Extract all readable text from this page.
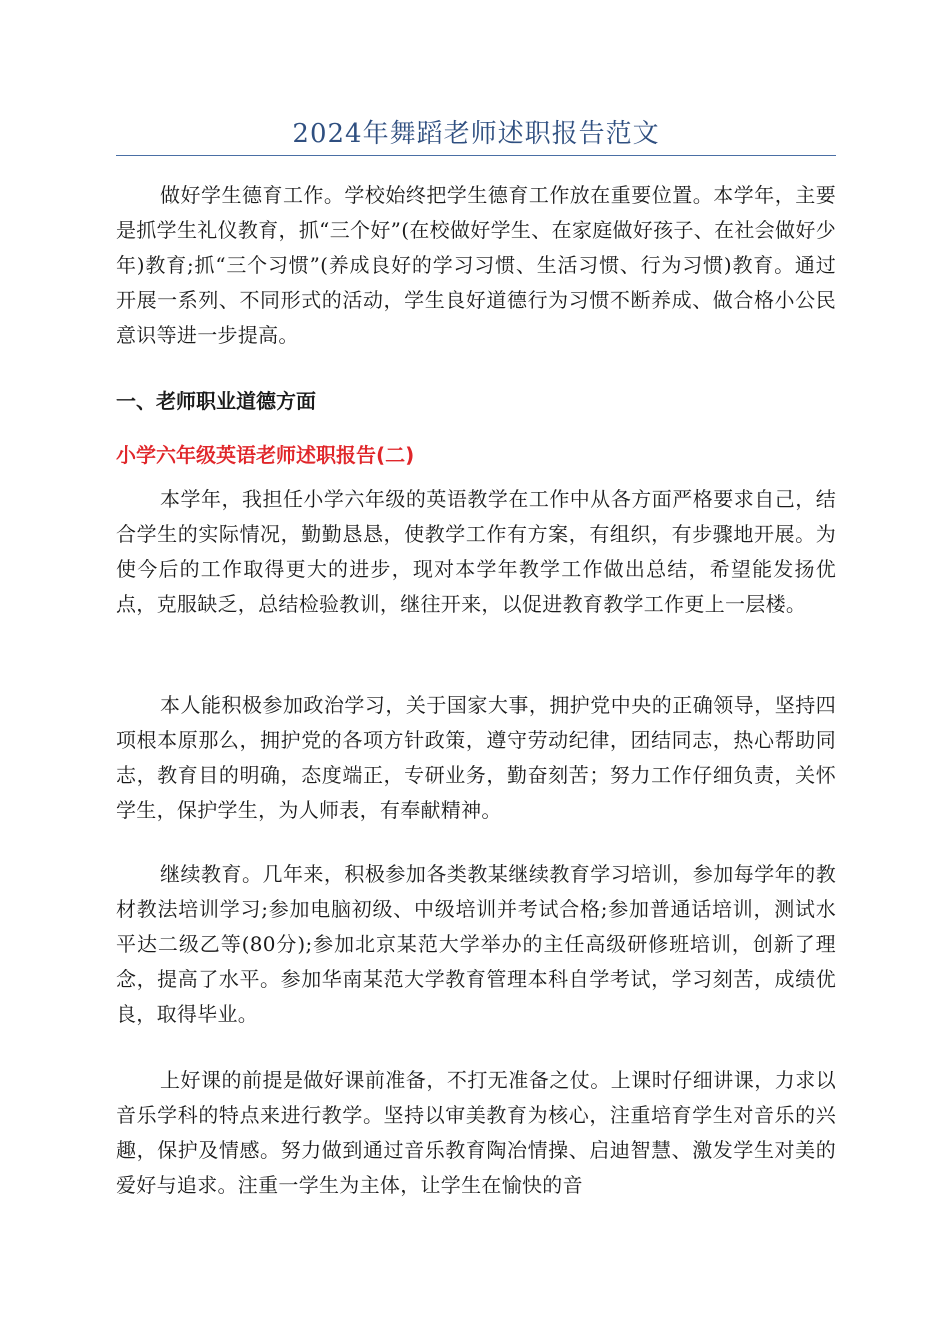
2024年舞蹈老师述职报告范文

做好学生德育工作。学校始终把学生德育工作放在重要位置。本学年，主要是抓学生礼仪教育，抓“三个好”(在校做好学生、在家庭做好孩子、在社会做好少年)教育;抓“三个习惯”(养成良好的学习习惯、生活习惯、行为习惯)教育。通过开展一系列、不同形式的活动，学生良好道德行为习惯不断养成、做合格小公民意识等进一步提高。

一、老师职业道德方面

小学六年级英语老师述职报告(二)

本学年，我担任小学六年级的英语教学在工作中从各方面严格要求自己，结合学生的实际情况，勤勤恳恳，使教学工作有方案，有组织，有步骤地开展。为使今后的工作取得更大的进步，现对本学年教学工作做出总结，希望能发扬优点，克服缺乏，总结检验教训，继往开来，以促进教育教学工作更上一层楼。

本人能积极参加政治学习，关于国家大事，拥护党中央的正确领导，坚持四项根本原那么，拥护党的各项方针政策，遵守劳动纪律，团结同志，热心帮助同志，教育目的明确，态度端正，专研业务，勤奋刻苦；努力工作仔细负责，关怀学生，保护学生，为人师表，有奉献精神。

继续教育。几年来，积极参加各类教某继续教育学习培训，参加每学年的教材教法培训学习;参加电脑初级、中级培训并考试合格;参加普通话培训，测试水平达二级乙等(80分);参加北京某范大学举办的主任高级研修班培训，创新了理念，提高了水平。参加华南某范大学教育管理本科自学考试，学习刻苦，成绩优良，取得毕业。

上好课的前提是做好课前准备，不打无准备之仗。上课时仔细讲课，力求以音乐学科的特点来进行教学。坚持以审美教育为核心，注重培育学生对音乐的兴趣，保护及情感。努力做到通过音乐教育陶冶情操、启迪智慧、激发学生对美的爱好与追求。注重一学生为主体，让学生在愉快的音
